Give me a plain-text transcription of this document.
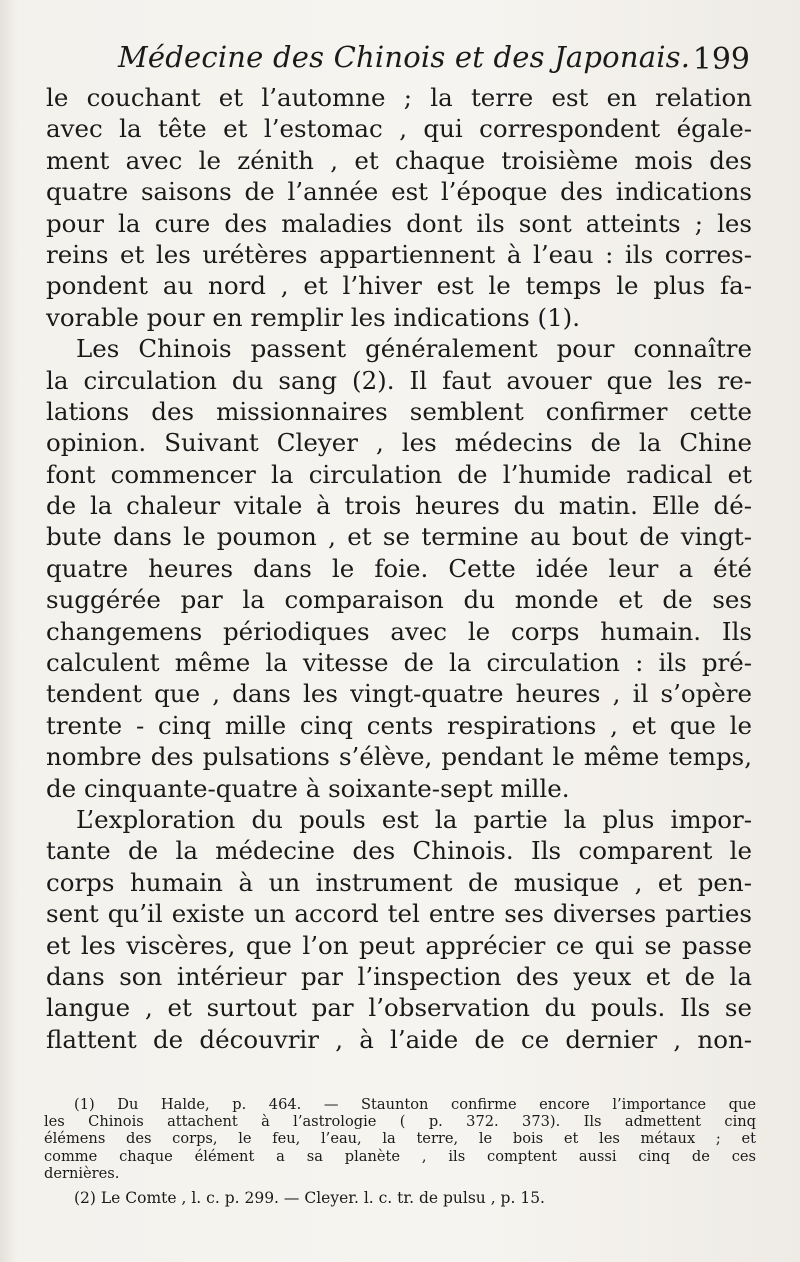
Médecine des Chinois et des Japonais. 199
le couchant et l’automne ; la terre est en relation
avec la tête et l’estomac , qui correspondent égale-
ment avec le zénith , et chaque troisième mois des
quatre saisons de l’année est l’époque des indications
pour la cure des maladies dont ils sont atteints ; les
reins et les urétères appartiennent à l’eau : ils corres-
pondent au nord , et l’hiver est le temps le plus fa-
vorable pour en remplir les indications (1).
Les Chinois passent généralement pour connaître
la circulation du sang (2). Il faut avouer que les re-
lations des missionnaires semblent confirmer cette
opinion. Suivant Cleyer , les médecins de la Chine
font commencer la circulation de l’humide radical et
de la chaleur vitale à trois heures du matin. Elle dé-
bute dans le poumon , et se termine au bout de vingt-
quatre heures dans le foie. Cette idée leur a été
suggérée par la comparaison du monde et de ses
changemens périodiques avec le corps humain. Ils
calculent même la vitesse de la circulation : ils pré-
tendent que , dans les vingt-quatre heures , il s’opère
trente - cinq mille cinq cents respirations , et que le
nombre des pulsations s’élève, pendant le même temps,
de cinquante-quatre à soixante-sept mille.
L’exploration du pouls est la partie la plus impor-
tante de la médecine des Chinois. Ils comparent le
corps humain à un instrument de musique , et pen-
sent qu’il existe un accord tel entre ses diverses parties
et les viscères, que l’on peut apprécier ce qui se passe
dans son intérieur par l’inspection des yeux et de la
langue , et surtout par l’observation du pouls. Ils se
flattent de découvrir , à l’aide de ce dernier , non-
(1) Du Halde, p. 464. — Staunton confirme encore l’importance que
les Chinois attachent à l’astrologie ( p. 372. 373). Ils admettent cinq
élémens des corps, le feu, l’eau, la terre, le bois et les métaux ; et
comme chaque élément a sa planète , ils comptent aussi cinq de ces
dernières.
(2) Le Comte , l. c. p. 299. — Cleyer. l. c. tr. de pulsu , p. 15.
